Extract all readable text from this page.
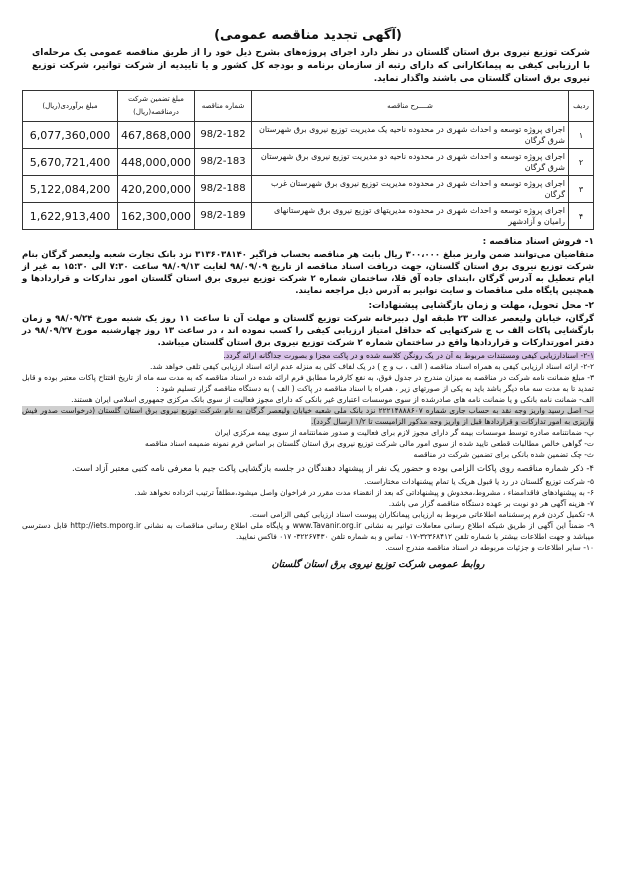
(آگهی تجدید مناقصه عمومی)
شرکت توزیع نیروی برق استان گلستان در نظر دارد اجرای پروژه‌های بشرح ذیل خود را از طریق مناقصه عمومی یک مرحله‌ای با ارزیابی کیفی به پیمانکارانی که دارای رتبه از سازمان برنامه و بودجه کل کشور و یا تاییدیه از شرکت توانیر، شرکت توزیع نیروی برق استان گلستان می باشند واگذار نماید.
ردیف	شــــرح مناقصه	شماره مناقصه	مبلغ تضمین شرکت درمناقصه(ریال)	مبلغ برآوردی(ریال)
۱	اجرای پروژه توسعه و احداث شهری در محدوده ناحیه یک مدیریت توزیع نیروی برق شهرستان شرق گرگان	98/2-182	467,868,000	6,077,360,000
۲	اجرای پروژه توسعه و احداث شهری در محدوده ناحیه دو مدیریت توزیع نیروی برق شهرستان شرق گرگان	98/2-183	448,000,000	5,670,721,400
۳	اجرای پروژه توسعه و احداث شهری در محدوده مدیریت توزیع نیروی برق شهرستان غرب گرگان	98/2-188	420,200,000	5,122,084,200
۴	اجرای پروژه توسعه و احداث شهری در محدوده مدیریتهای توزیع نیروی برق شهرستانهای رامیان و آزادشهر	98/2-189	162,300,000	1,622,913,400
۱- فروش اسناد مناقصه :

متقاضیان می‌توانند ضمن واریز مبلغ ۳۰۰،۰۰۰ ریال بابت هر مناقصه بحساب فراگیر ۳۱۳۶۰۳۸۱۴۰ نزد بانک تجارت شعبه ولیعصر گرگان بنام شرکت توزیع نیروی برق استان گلستان، جهت دریافت اسناد مناقصه از تاریخ ۹۸/۰۹/۰۹ لغایت ۹۸/۰۹/۱۳ ساعت ۷:۳۰ الی ۱۵:۳۰ به غیر از ایام تعطیل به آدرس گرگان ،ابتدای جاده آق قلا، ساختمان شماره ۲ شرکت توزیع نیروی برق استان گلستان امور تدارکات و قراردادها و همچنین پایگاه ملی مناقصات و سایت توانیر به آدرس ذیل مراجعه نمایند.

۲- محل تحویل، مهلت و زمان بازگشایی پیشنهادات:

گرگان، خیابان ولیعصر عدالت ۲۳ طبقه اول دبیرخانه شرکت توزیع گلستان و مهلت آن تا ساعت ۱۱ روز یک شنبه مورخ ۹۸/۰۹/۲۴ و زمان بازگشایی پاکات الف ب ج شرکتهایی که حداقل امتیاز ارزیابی کیفی را کسب نموده اند ، در ساعت ۱۳ روز چهارشنبه مورخ ۹۸/۰۹/۲۷ در دفتر امورتدارکات و قراردادها واقع در ساختمان شماره ۲ شرکت توزیع نیروی برق استان گلستان میباشد.

۲-۱- اسنادارزیابی کیفی ومستندات مربوط به آن در یک رونگن کلاسه شده و در پاکت مجزا و بصورت جداگانه ارائه گردد.

۲-۲- ارائه اسناد ارزیابی کیفی به همراه اسناد مناقصه ( الف ، ب و ج ) در یک لفاف کلی به منزله عدم ارائه اسناد ارزیابی کیفی تلقی خواهد شد.

۳- مبلغ ضمانت نامه شرکت در مناقصه به میزان مندرج در جدول فوق، به نفع کارفرما مطابق فرم ارائه شده در اسناد مناقصه که به مدت سه ماه از تاریخ افتتاح پاکات معتبر بوده و قابل تمدید تا به مدت سه ماه دیگر باشد باید به یکی از صورتهای زیر ، همراه با اسناد مناقصه در پاکت ( الف ) به دستگاه مناقصه گزار تسلیم شود :

الف- ضمانت نامه بانکی و یا ضمانت نامه های صادرشده از سوی موسسات اعتباری غیر بانکی که دارای مجوز فعالیت از سوی بانک مرکزی جمهوری اسلامی ایران هستند.

ب- اصل رسید واریز وجه نقد به حساب جاری شماره ۲۲۲۱۴۸۸۸۶۰۷ نزد بانک ملی شعبه خیابان ولیعصر گرگان به نام شرکت توزیع نیروی برق استان گلستان (درخواست صدور فیش واریزی به امور تدارکات و قراردادها قبل از واریز وجه مذکور الزامیست تا ۱/۲ ارسال گردد).

پ- ضمانتنامه صادره توسط موسسات بیمه گر دارای مجوز لازم برای فعالیت و صدور ضمانتنامه از سوی بیمه مرکزی ایران

ت- گواهی خالص مطالبات قطعی تایید شده از سوی امور مالی شرکت توزیع نیروی برق استان گلستان بر اساس فرم نمونه ضمیمه اسناد مناقصه

ث- چک تضمین شده بانکی برای تضمین شرکت در مناقصه

۴- ذکر شماره مناقصه روی پاکات الزامی بوده و حضور یک نفر از پیشنهاد دهندگان در جلسه بازگشایی پاکت جیم با معرفی نامه کتبی معتبر آزاد است.

۵- شرکت توزیع گلستان در رد یا قبول هریک یا تمام پیشنهادات مختاراست.

۶- به پیشنهادهای فاقدامضاء ، مشروط،مخدوش و پیشنهاداتی که بعد از انقضاء مدت مقرر در فراخوان واصل میشود،مطلقاً ترتیب اثرداده نخواهد شد.

۷- هزینه آگهی هر دو نوبت بر عهده دستگاه مناقصه گزار می باشد.

۸- تکمیل کردن فرم پرسشنامه اطلاعاتی مربوط به ارزیابی پیمانکاران پیوست اسناد ارزیابی کیفی الزامی است.

۹- ضمناً این آگهی از طریق شبکه اطلاع رسانی معاملات توانیر به نشانی www.Tavanir.org.ir و پایگاه ملی اطلاع رسانی مناقصات به نشانی http://iets.mporg.ir قابل دسترسی میباشد و جهت اطلاعات بیشتر با شماره تلفن ۳۲۳۶۸۴۱۲-۰۱۷ تماس و به شماره تلفن ۳۲۲۶۷۴۳۰- ۰۱۷ فاکس نمایید.

۱۰- سایر اطلاعات و جزئیات مربوطه در اسناد مناقصه مندرج است.

روابط عمومی شرکت توزیع نیروی برق استان گلستان
